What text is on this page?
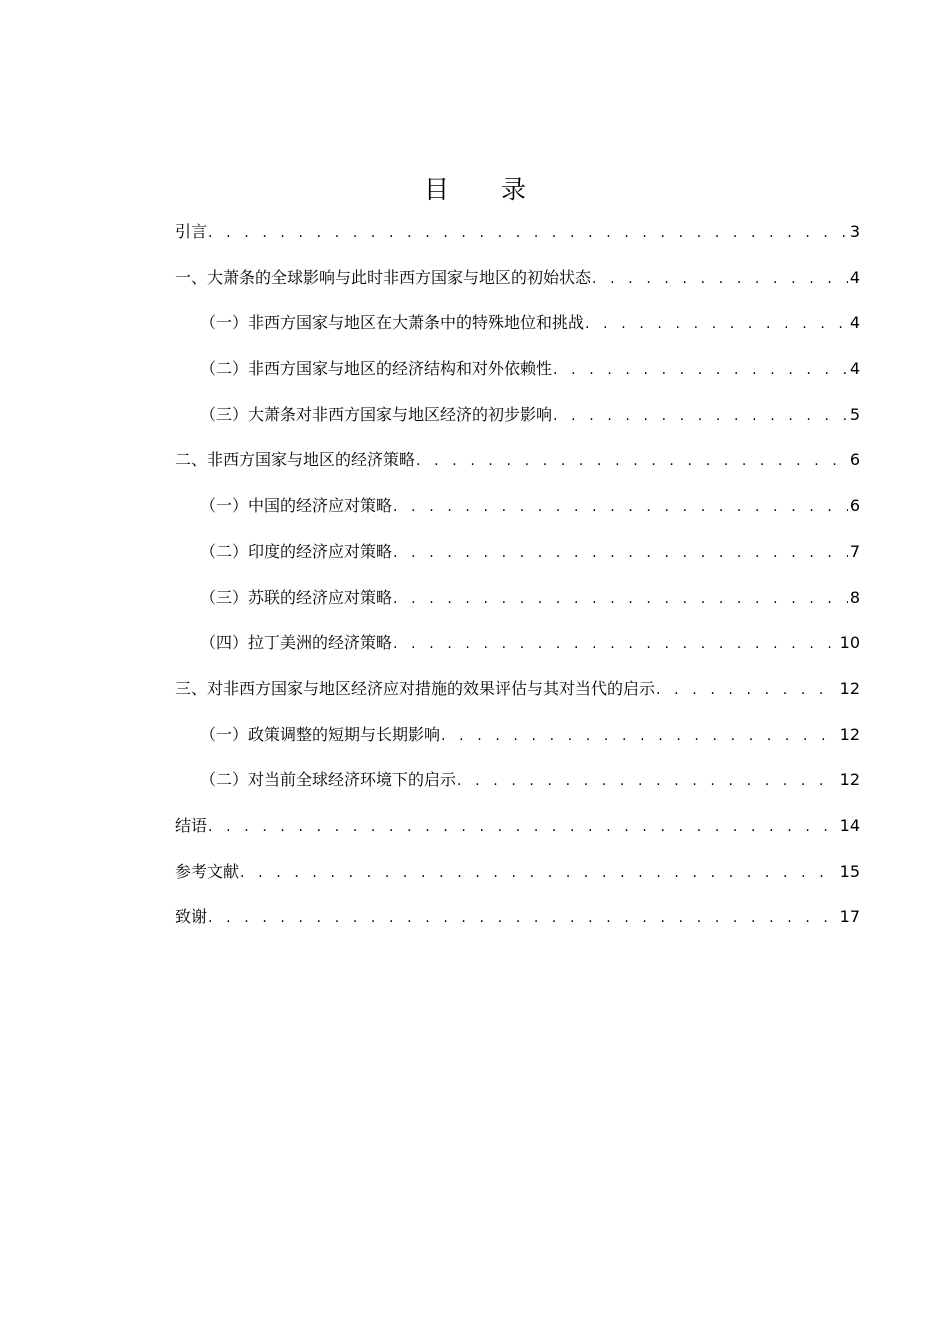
目 录
引言 . . .	3
一、大萧条的全球影响与此时非西方国家与地区的初始状态 . . .	4
（一）非西方国家与地区在大萧条中的特殊地位和挑战 . . .	4
（二）非西方国家与地区的经济结构和对外依赖性 . . .	4
（三）大萧条对非西方国家与地区经济的初步影响 . . .	5
二、非西方国家与地区的经济策略 . . .	6
（一）中国的经济应对策略 . . .	6
（二）印度的经济应对策略 . . .	7
（三）苏联的经济应对策略 . . .	8
（四）拉丁美洲的经济策略 . . .	10
三、对非西方国家与地区经济应对措施的效果评估与其对当代的启示 . . .	12
（一）政策调整的短期与长期影响 . . .	12
（二）对当前全球经济环境下的启示 . . .	12
结语 . . .	14
参考文献 . . .	15
致谢 . . .	17
